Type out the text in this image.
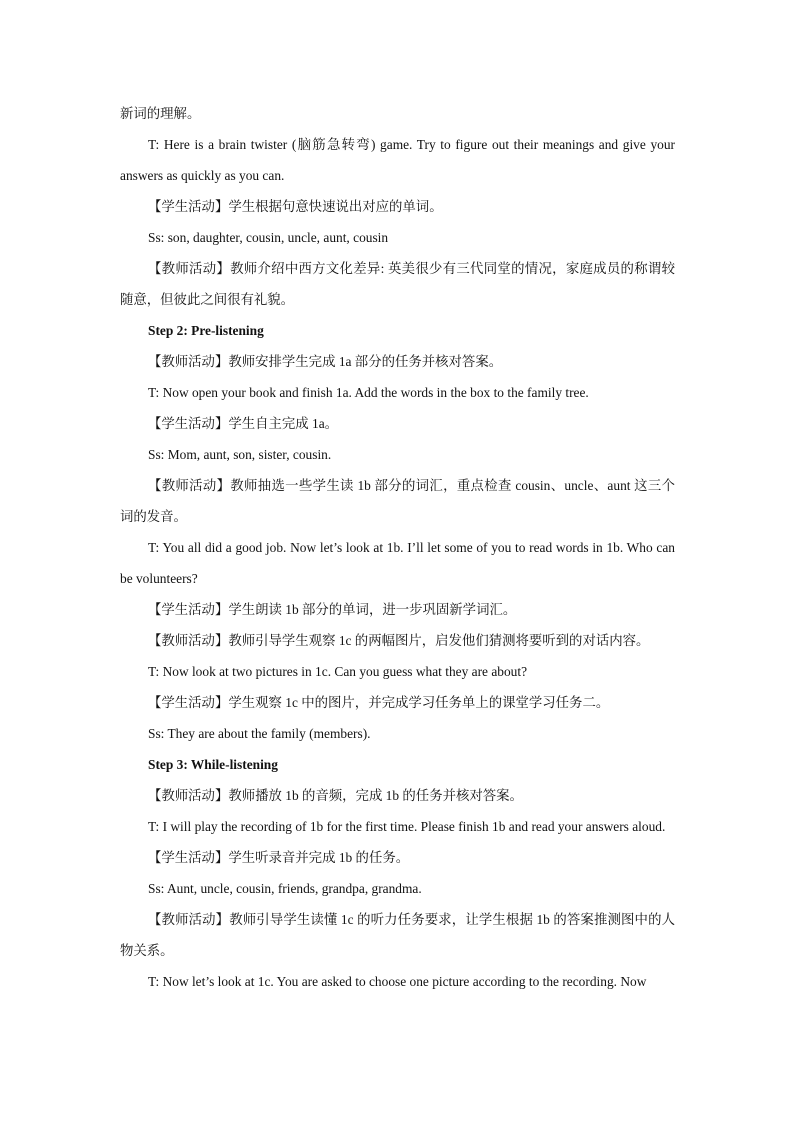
新词的理解。

T: Here is a brain twister (脑筋急转弯) game. Try to figure out their meanings and give your answers as quickly as you can.

【学生活动】学生根据句意快速说出对应的单词。

Ss: son, daughter, cousin, uncle, aunt, cousin

【教师活动】教师介绍中西方文化差异: 英美很少有三代同堂的情况，家庭成员的称谓较随意，但彼此之间很有礼貌。

Step 2: Pre-listening

【教师活动】教师安排学生完成 1a 部分的任务并核对答案。

T: Now open your book and finish 1a. Add the words in the box to the family tree.

【学生活动】学生自主完成 1a。

Ss: Mom, aunt, son, sister, cousin.

【教师活动】教师抽选一些学生读 1b 部分的词汇，重点检查 cousin、uncle、aunt 这三个词的发音。

T: You all did a good job. Now let’s look at 1b. I’ll let some of you to read words in 1b. Who can be volunteers?

【学生活动】学生朗读 1b 部分的单词，进一步巩固新学词汇。

【教师活动】教师引导学生观察 1c 的两幅图片，启发他们猜测将要听到的对话内容。

T: Now look at two pictures in 1c. Can you guess what they are about?

【学生活动】学生观察 1c 中的图片，并完成学习任务单上的课堂学习任务二。

Ss: They are about the family (members).

Step 3: While-listening

【教师活动】教师播放 1b 的音频，完成 1b 的任务并核对答案。

T: I will play the recording of 1b for the first time. Please finish 1b and read your answers aloud.

【学生活动】学生听录音并完成 1b 的任务。

Ss: Aunt, uncle, cousin, friends, grandpa, grandma.

【教师活动】教师引导学生读懂 1c 的听力任务要求，让学生根据 1b 的答案推测图中的人物关系。

T: Now let’s look at 1c. You are asked to choose one picture according to the recording. Now
